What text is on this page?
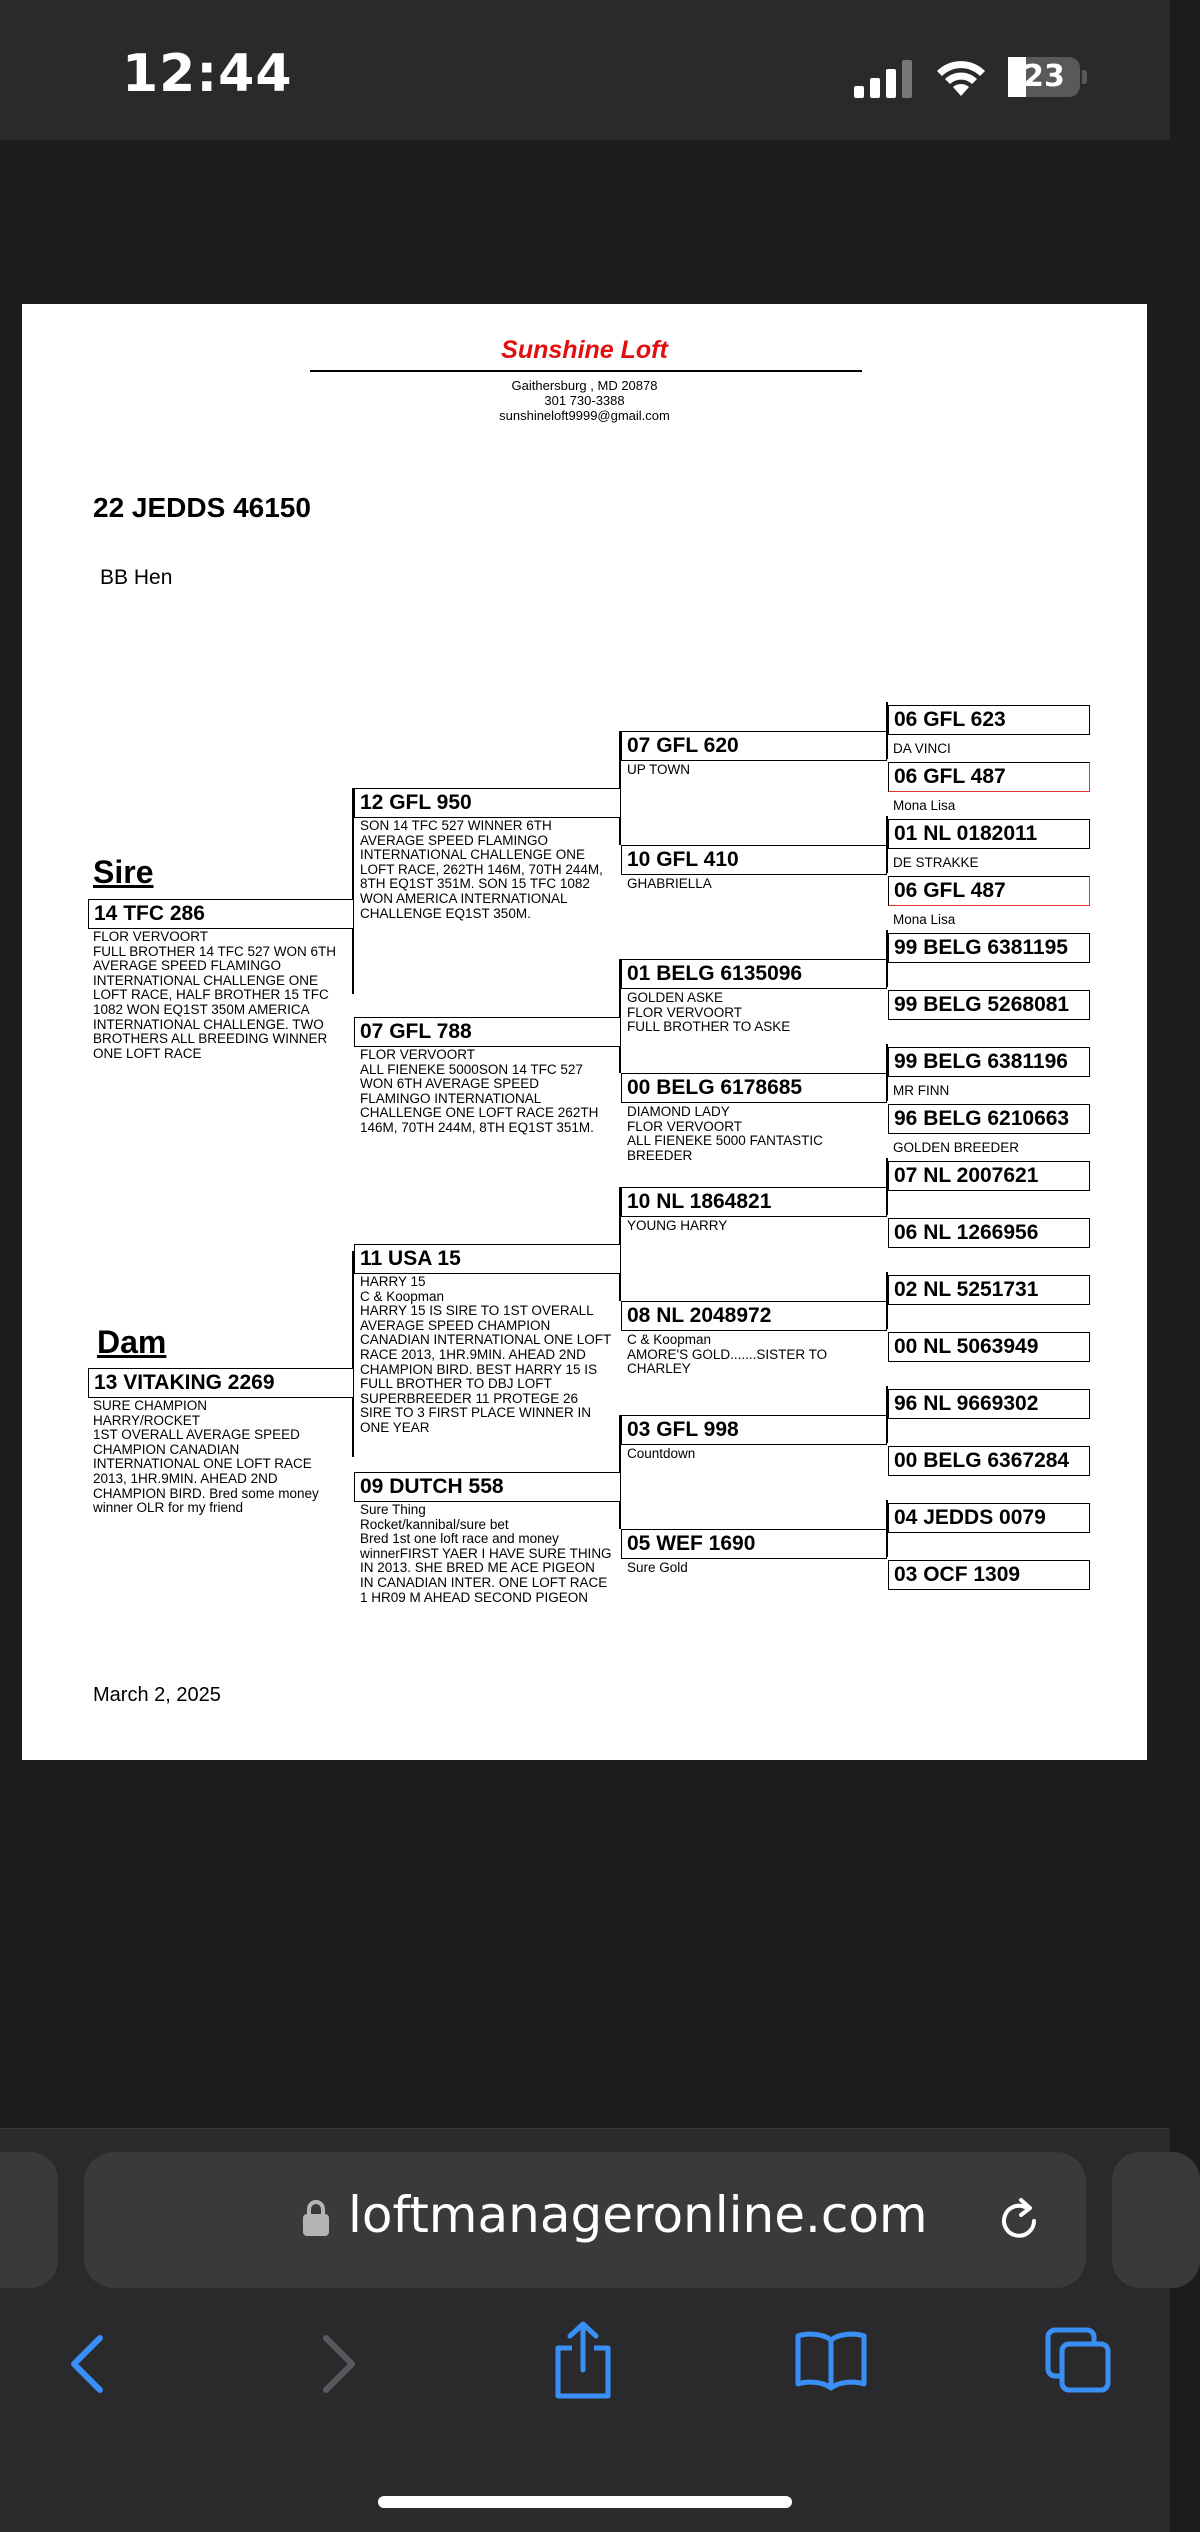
12:44	23
Sunshine Loft
Gaithersburg , MD 20878
301 730-3388
sunshineloft9999@gmail.com
22 JEDDS 46150
BB Hen
Sire
Dam
14 TFC 286
FLOR VERVOORT
FULL BROTHER 14 TFC 527 WON 6TH AVERAGE SPEED FLAMINGO INTERNATIONAL CHALLENGE ONE LOFT RACE, HALF BROTHER 15 TFC 1082 WON EQ1ST 350M AMERICA INTERNATIONAL CHALLENGE. TWO BROTHERS ALL BREEDING WINNER ONE LOFT RACE
13 VITAKING 2269
SURE CHAMPION
HARRY/ROCKET
1ST OVERALL AVERAGE SPEED CHAMPION CANADIAN INTERNATIONAL ONE LOFT RACE 2013, 1HR.9MIN. AHEAD 2ND CHAMPION BIRD. Bred some money winner OLR for my friend
12 GFL 950
SON 14 TFC 527 WINNER 6TH AVERAGE SPEED FLAMINGO INTERNATIONAL CHALLENGE ONE LOFT RACE, 262TH 146M, 70TH 244M, 8TH EQ1ST 351M. SON 15 TFC 1082 WON AMERICA INTERNATIONAL CHALLENGE EQ1ST 350M.
07 GFL 788
FLOR VERVOORT
ALL FIENEKE 5000SON 14 TFC 527 WON 6TH AVERAGE SPEED FLAMINGO INTERNATIONAL CHALLENGE ONE LOFT RACE 262TH 146M, 70TH 244M, 8TH EQ1ST 351M.
11 USA 15
HARRY 15
C & Koopman
HARRY 15 IS SIRE TO 1ST OVERALL AVERAGE SPEED CHAMPION CANADIAN INTERNATIONAL ONE LOFT RACE 2013, 1HR.9MIN. AHEAD 2ND CHAMPION BIRD. BEST HARRY 15 IS FULL BROTHER TO DBJ LOFT SUPERBREEDER 11 PROTEGE 26 SIRE TO 3 FIRST PLACE WINNER IN ONE YEAR
09 DUTCH 558
Sure Thing
Rocket/kannibal/sure bet
Bred 1st one loft race and money winnerFIRST YAER I HAVE SURE THING IN 2013. SHE BRED ME ACE PIGEON IN CANADIAN INTER. ONE LOFT RACE 1 HR09 M AHEAD SECOND PIGEON
07 GFL 620
UP TOWN
10 GFL 410
GHABRIELLA
01 BELG 6135096
GOLDEN ASKE
FLOR VERVOORT
FULL BROTHER TO ASKE
00 BELG 6178685
DIAMOND LADY
FLOR VERVOORT
ALL FIENEKE 5000 FANTASTIC BREEDER
10 NL 1864821
YOUNG HARRY
08 NL 2048972
C & Koopman
AMORE'S GOLD.......SISTER TO CHARLEY
03 GFL 998
Countdown
05 WEF 1690
Sure Gold
06 GFL 623
DA VINCI
06 GFL 487
Mona Lisa
01 NL 0182011
DE STRAKKE
06 GFL 487
Mona Lisa
99 BELG 6381195
99 BELG 5268081
99 BELG 6381196
MR FINN
96 BELG 6210663
GOLDEN BREEDER
07 NL 2007621
06 NL 1266956
02 NL 5251731
00 NL 5063949
96 NL 9669302
00 BELG 6367284
04 JEDDS 0079
03 OCF 1309
March 2, 2025
loftmanageronline.com
